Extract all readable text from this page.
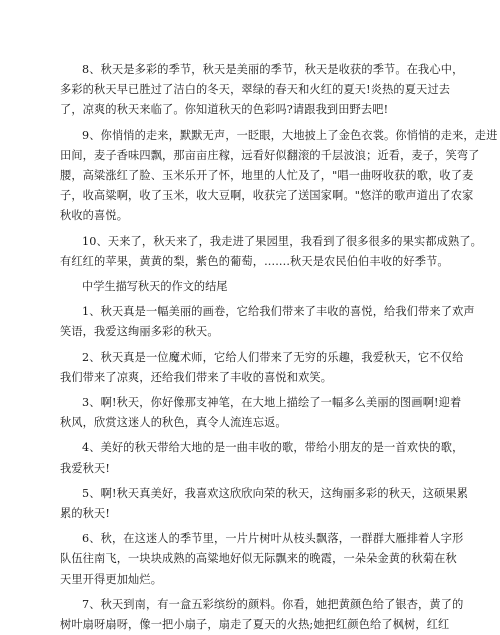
8、秋天是多彩的季节，秋天是美丽的季节，秋天是收获的季节。在我心中，
多彩的秋天早已胜过了洁白的冬天，翠绿的春天和火红的夏天!炎热的夏天过去
了，凉爽的秋天来临了。你知道秋天的色彩吗?请跟我到田野去吧!
9、你悄悄的走来，默默无声，一眨眼，大地披上了金色衣裳。你悄悄的走来，走进
田间，麦子香味四飘，那亩亩庄稼，远看好似翻滚的千层波浪；近看，麦子，笑弯了
腰，高粱涨红了脸、玉米乐开了怀，地里的人忙及了，"唱一曲呀收获的歌，收了麦
子，收高粱啊，收了玉米，收大豆啊，收获完了送国家啊。"悠洋的歌声道出了农家
秋收的喜悦。
10、天来了，秋天来了，我走进了果园里，我看到了很多很多的果实都成熟了。
有红红的苹果，黄黄的梨，紫色的葡萄，.......秋天是农民伯伯丰收的好季节。
中学生描写秋天的作文的结尾
1、秋天真是一幅美丽的画卷，它给我们带来了丰收的喜悦，给我们带来了欢声
笑语，我爱这绚丽多彩的秋天。
2、秋天真是一位魔术师，它给人们带来了无穷的乐趣，我爱秋天，它不仅给
我们带来了凉爽，还给我们带来了丰收的喜悦和欢笑。
3、啊!秋天，你好像那支神笔，在大地上描绘了一幅多么美丽的图画啊!迎着
秋风，欣赏这迷人的秋色，真令人流连忘返。
4、美好的秋天带给大地的是一曲丰收的歌，带给小朋友的是一首欢快的歌，
我爱秋天!
5、啊!秋天真美好，我喜欢这欣欣向荣的秋天，这绚丽多彩的秋天，这硕果累
累的秋天!
6、秋，在这迷人的季节里，一片片树叶从枝头飘落，一群群大雁排着人字形
队伍往南飞，一块块成熟的高粱地好似无际飘来的晚霞，一朵朵金黄的秋菊在秋
天里开得更加灿烂。
7、秋天到南，有一盒五彩缤纷的颜料。你看，她把黄颜色给了银杏，黄了的
树叶扇呀扇呀，像一把小扇子，扇走了夏天的火热;她把红颜色给了枫树，红红
